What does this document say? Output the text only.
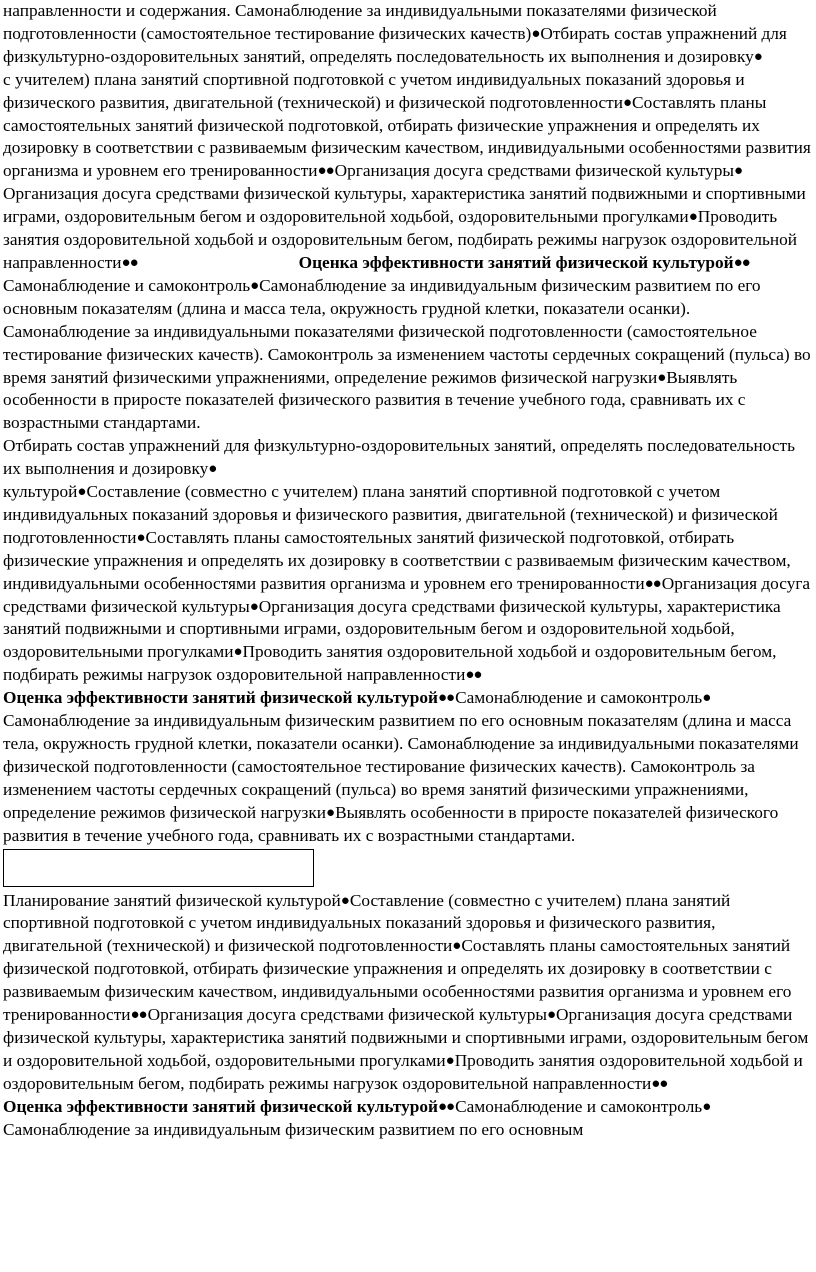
направленности и содержания. Самонаблюдение за индивидуальными показателями физической подготовленности (самостоятельное тестирование физических качеств)●Отбирать состав упражнений для физкультурно-оздоровительных занятий, определять последовательность их выполнения и дозировку●

с учителем) плана занятий спортивной подготовкой с учетом индивидуальных показаний здоровья и физического развития, двигательной (технической) и физической подготовленности●Составлять планы самостоятельных занятий физической подготовкой, отбирать физические упражнения и определять их дозировку в соответствии с развиваемым физическим качеством, индивидуальными особенностями развития организма и уровнем его тренированности●●Организация досуга средствами физической культуры●Организация досуга средствами физической культуры, характеристика занятий подвижными и спортивными играми, оздоровительным бегом и оздоровительной ходьбой, оздоровительными прогулками●Проводить занятия оздоровительной ходьбой и оздоровительным бегом, подбирать режимы нагрузок оздоровительной направленности●●	Оценка эффективности занятий физической культурой●●Самонаблюдение и самоконтроль●Самонаблюдение за индивидуальным физическим развитием по его основным показателям (длина и масса тела, окружность грудной клетки, показатели осанки). Самонаблюдение за индивидуальными показателями физической подготовленности (самостоятельное тестирование физических качеств). Самоконтроль за изменением частоты сердечных сокращений (пульса) во время занятий физическими упражнениями, определение режимов физической нагрузки●Выявлять особенности в приросте показателей физического развития в течение учебного года, сравнивать их с возрастными стандартами.

Отбирать состав упражнений для физкультурно-оздоровительных занятий, определять последовательность их выполнения и дозировку●

культурой●Составление (совместно с учителем) плана занятий спортивной подготовкой с учетом индивидуальных показаний здоровья и физического развития, двигательной (технической) и физической подготовленности●Составлять планы самостоятельных занятий физической подготовкой, отбирать физические упражнения и определять их дозировку в соответствии с развиваемым физическим качеством, индивидуальными особенностями развития организма и уровнем его тренированности●●Организация досуга средствами физической культуры●Организация досуга средствами физической культуры, характеристика занятий подвижными и спортивными играми, оздоровительным бегом и оздоровительной ходьбой, оздоровительными прогулками●Проводить занятия оздоровительной ходьбой и оздоровительным бегом, подбирать режимы нагрузок оздоровительной направленности●●

Оценка эффективности занятий физической культурой●●Самонаблюдение и самоконтроль●Самонаблюдение за индивидуальным физическим развитием по его основным показателям (длина и масса тела, окружность грудной клетки, показатели осанки). Самонаблюдение за индивидуальными показателями физической подготовленности (самостоятельное тестирование физических качеств). Самоконтроль за изменением частоты сердечных сокращений (пульса) во время занятий физическими упражнениями, определение режимов физической нагрузки●Выявлять особенности в приросте показателей физического развития в течение учебного года, сравнивать их с возрастными стандартами.

Планирование занятий физической культурой●Составление (совместно с учителем) плана занятий спортивной подготовкой с учетом индивидуальных показаний здоровья и физического развития, двигательной (технической) и физической подготовленности●Составлять планы самостоятельных занятий физической подготовкой, отбирать физические упражнения и определять их дозировку в соответствии с развиваемым физическим качеством, индивидуальными особенностями развития организма и уровнем его тренированности●●Организация досуга средствами физической культуры●Организация досуга средствами физической культуры, характеристика занятий подвижными и спортивными играми, оздоровительным бегом и оздоровительной ходьбой, оздоровительными прогулками●Проводить занятия оздоровительной ходьбой и оздоровительным бегом, подбирать режимы нагрузок оздоровительной направленности●●

Оценка эффективности занятий физической культурой●●Самонаблюдение и самоконтроль●Самонаблюдение за индивидуальным физическим развитием по его основным
